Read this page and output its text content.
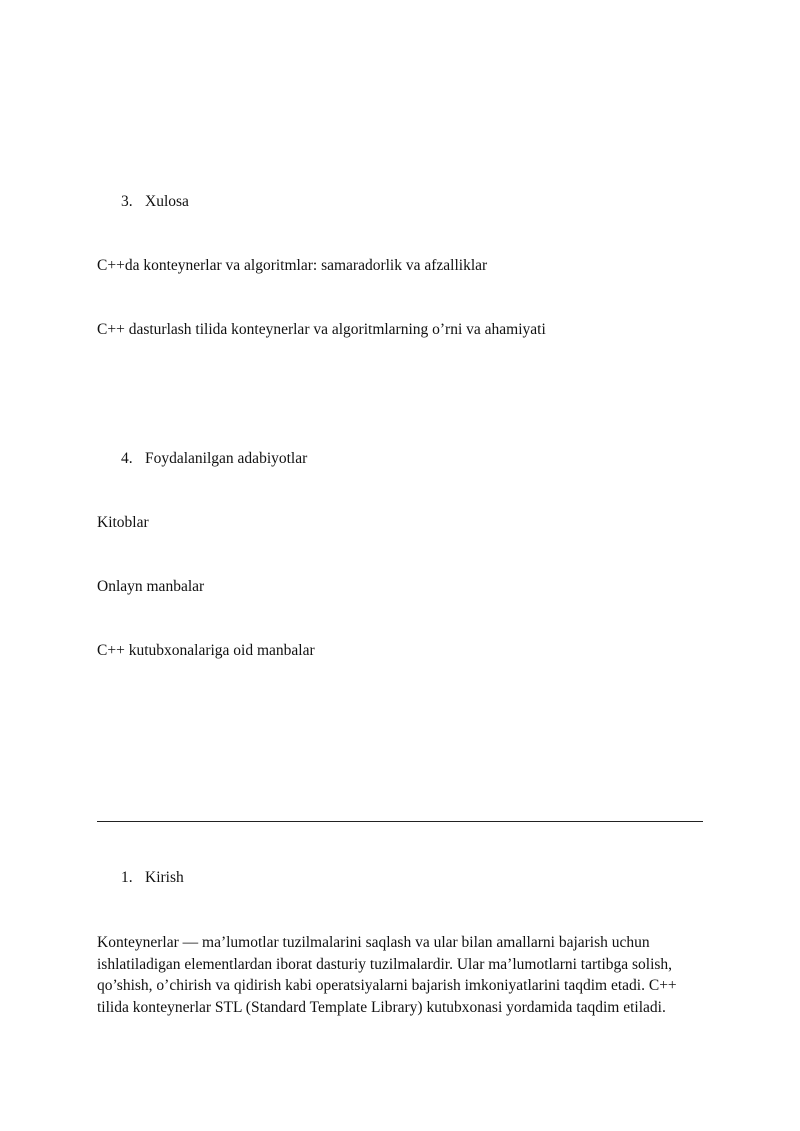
3. Xulosa
C++da konteynerlar va algoritmlar: samaradorlik va afzalliklar
C++ dasturlash tilida konteynerlar va algoritmlarning o’rni va ahamiyati
4. Foydalanilgan adabiyotlar
Kitoblar
Onlayn manbalar
C++ kutubxonalariga oid manbalar
1. Kirish
Konteynerlar — ma’lumotlar tuzilmalarini saqlash va ular bilan amallarni bajarish uchun
ishlatiladigan elementlardan iborat dasturiy tuzilmalardir. Ular ma’lumotlarni tartibga solish,
qo’shish, o’chirish va qidirish kabi operatsiyalarni bajarish imkoniyatlarini taqdim etadi. C++
tilida konteynerlar STL (Standard Template Library) kutubxonasi yordamida taqdim etiladi.
